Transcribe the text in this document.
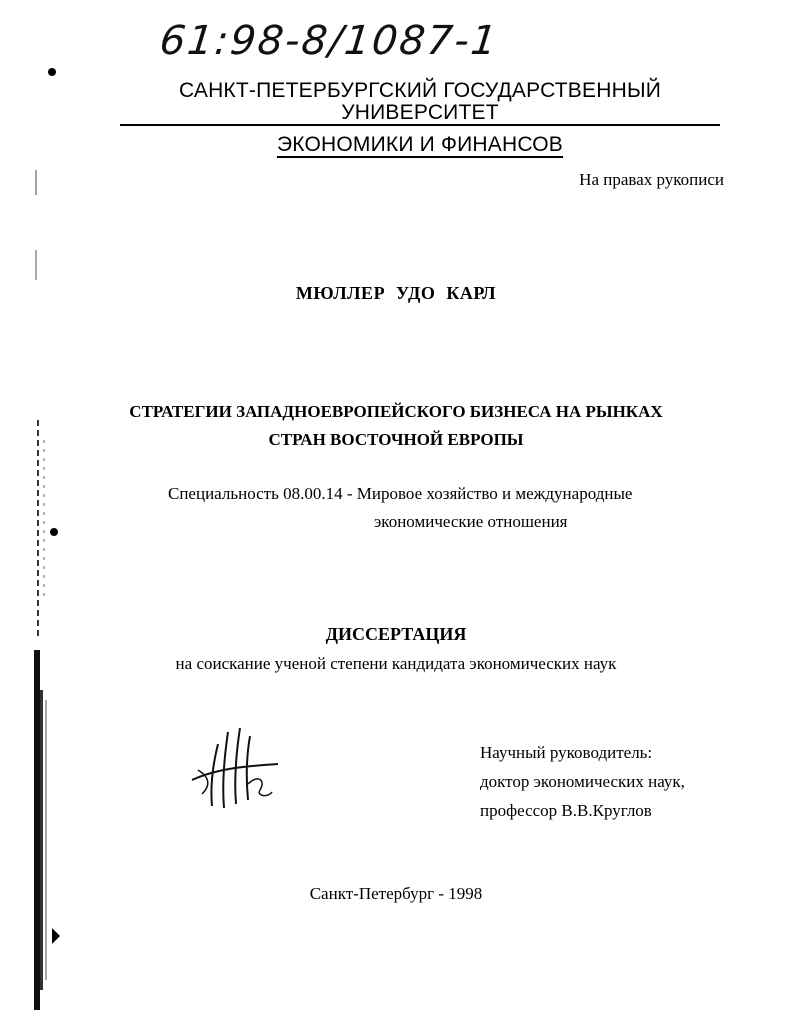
61:98-8/1087-1
САНКТ-ПЕТЕРБУРГСКИЙ ГОСУДАРСТВЕННЫЙ УНИВЕРСИТЕТ
ЭКОНОМИКИ И ФИНАНСОВ
На правах рукописи
МЮЛЛЕР УДО КАРЛ
СТРАТЕГИИ ЗАПАДНОЕВРОПЕЙСКОГО БИЗНЕСА НА РЫНКАХ
СТРАН ВОСТОЧНОЙ ЕВРОПЫ
Специальность 08.00.14 - Мировое хозяйство и международные
экономические отношения
ДИССЕРТАЦИЯ
на соискание ученой степени кандидата экономических наук
Научный руководитель:
доктор экономических наук,
профессор В.В.Круглов
Санкт-Петербург - 1998
